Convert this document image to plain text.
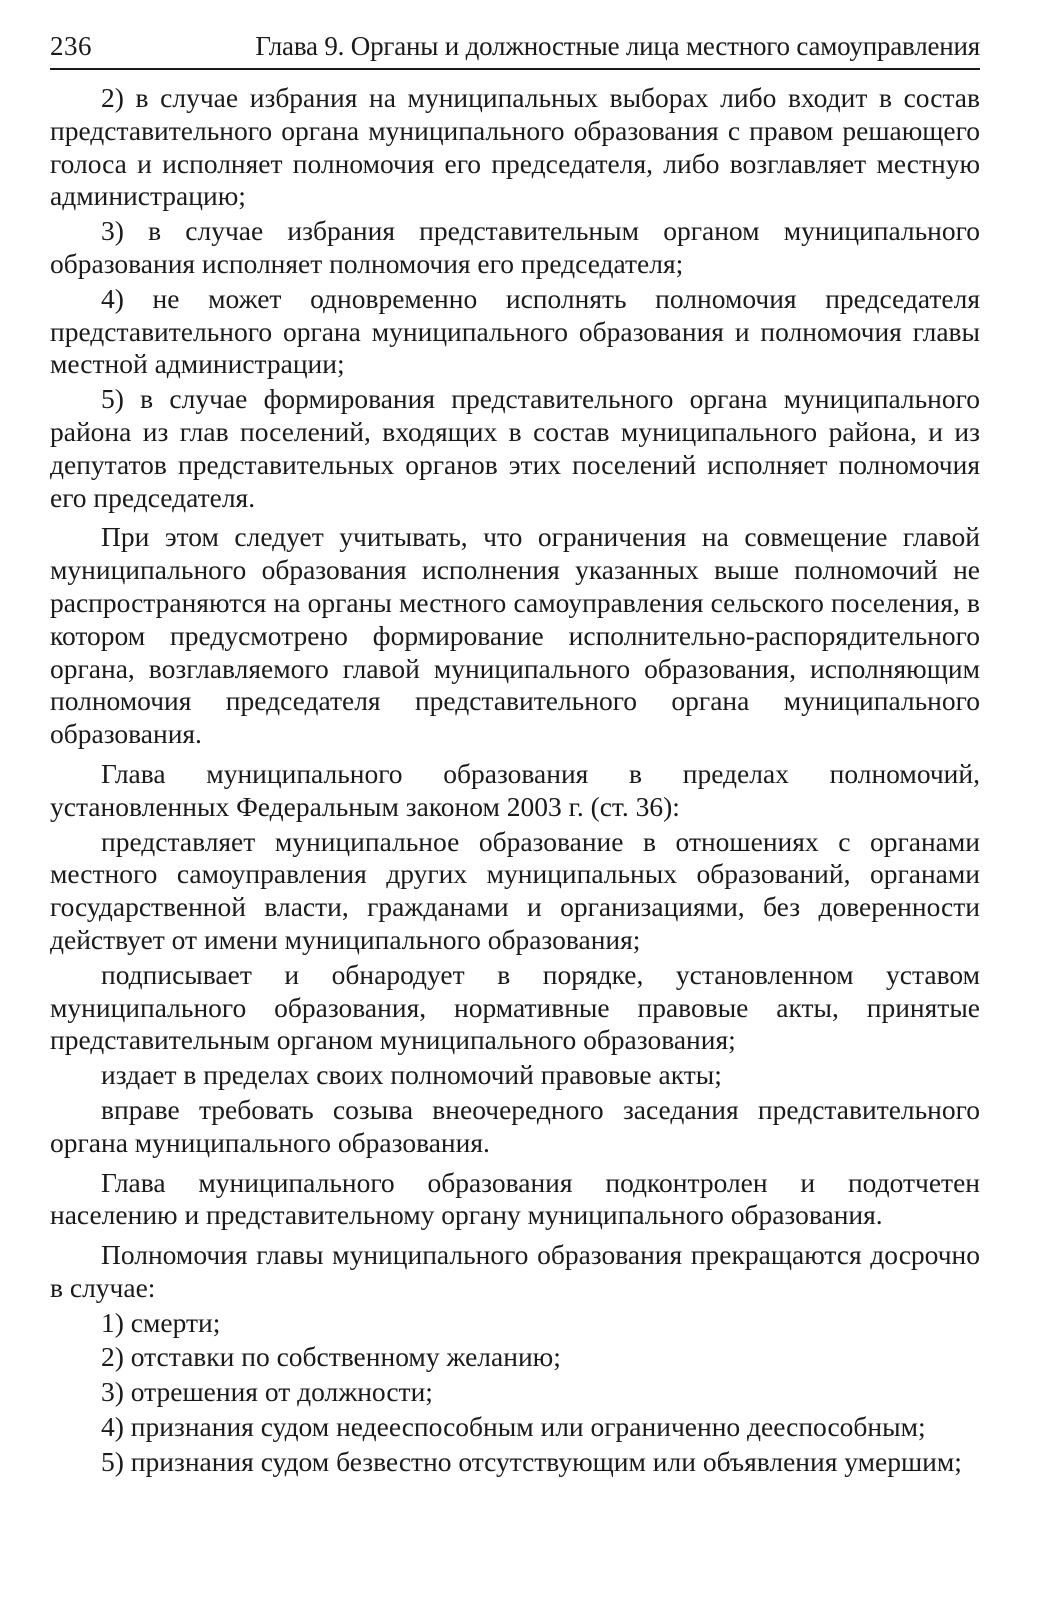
236	Глава 9. Органы и должностные лица местного самоуправления

2) в случае избрания на муниципальных выборах либо входит в состав представительного органа муниципального образования с правом решающего голоса и исполняет полномочия его председателя, либо возглавляет местную администрацию;

3) в случае избрания представительным органом муниципального образования исполняет полномочия его председателя;

4) не может одновременно исполнять полномочия председателя представительного органа муниципального образования и полномочия главы местной администрации;

5) в случае формирования представительного органа муниципального района из глав поселений, входящих в состав муниципального района, и из депутатов представительных органов этих поселений исполняет полномочия его председателя.

При этом следует учитывать, что ограничения на совмещение главой муниципального образования исполнения указанных выше полномочий не распространяются на органы местного самоуправления сельского поселения, в котором предусмотрено формирование исполнительно-распорядительного органа, возглавляемого главой муниципального образования, исполняющим полномочия председателя представительного органа муниципального образования.

Глава муниципального образования в пределах полномочий, установленных Федеральным законом 2003 г. (ст. 36):

представляет муниципальное образование в отношениях с органами местного самоуправления других муниципальных образований, органами государственной власти, гражданами и организациями, без доверенности действует от имени муниципального образования;

подписывает и обнародует в порядке, установленном уставом муниципального образования, нормативные правовые акты, принятые представительным органом муниципального образования;

издает в пределах своих полномочий правовые акты;

вправе требовать созыва внеочередного заседания представительного органа муниципального образования.

Глава муниципального образования подконтролен и подотчетен населению и представительному органу муниципального образования.

Полномочия главы муниципального образования прекращаются досрочно в случае:

1) смерти;

2) отставки по собственному желанию;

3) отрешения от должности;

4) признания судом недееспособным или ограниченно дееспособным;

5) признания судом безвестно отсутствующим или объявления умершим;
